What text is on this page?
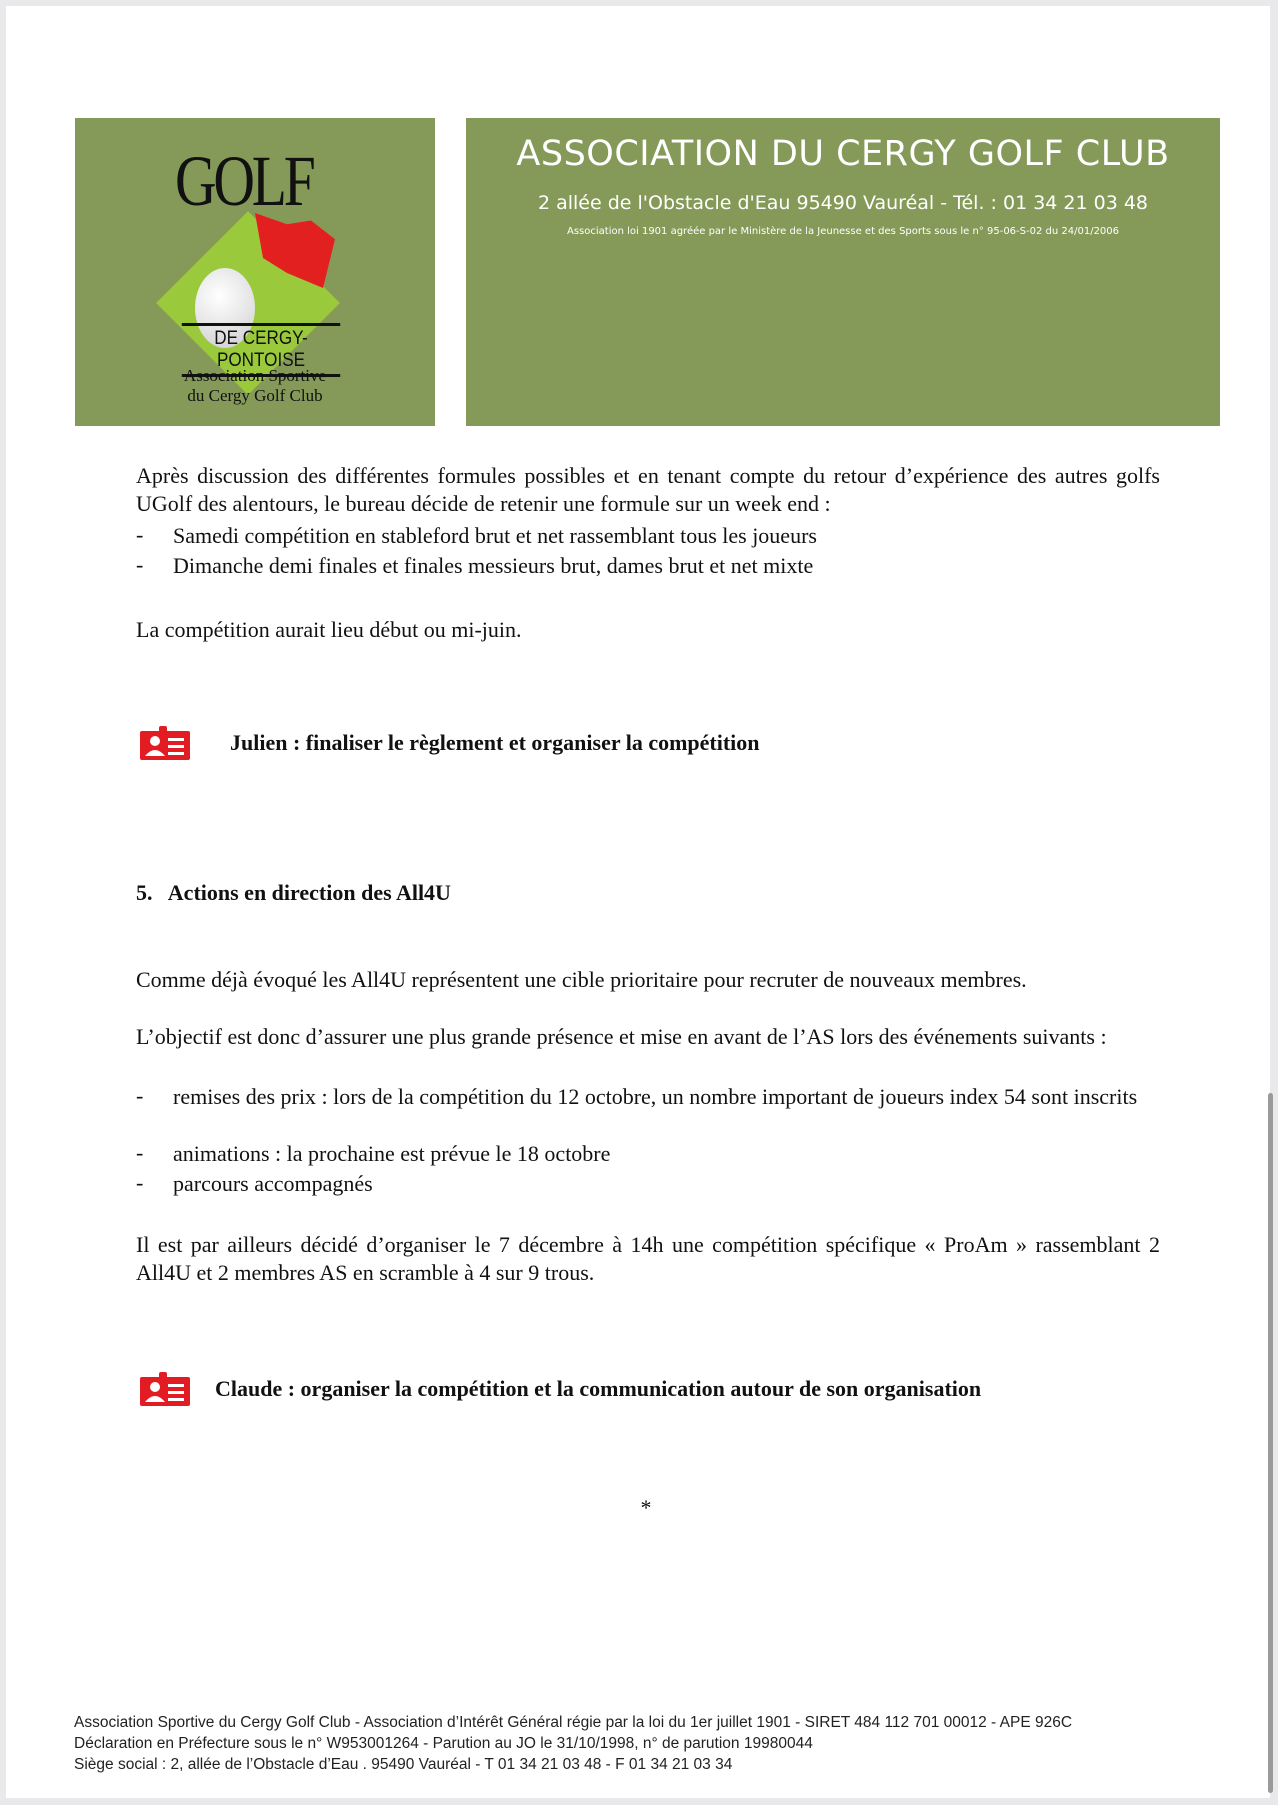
GOLF
DE CERGY-PONTOISE
Association Sportive
du Cergy Golf Club
ASSOCIATION DU CERGY GOLF CLUB
2 allée de l'Obstacle d'Eau 95490 Vauréal - Tél. : 01 34 21 03 48
Association loi 1901 agréée par le Ministère de la Jeunesse et des Sports sous le n° 95-06-S-02 du 24/01/2006
Après discussion des différentes formules possibles et en tenant compte du retour d’expérience des autres golfs UGolf des alentours, le bureau décide de retenir une formule sur un week end :
- Samedi compétition en stableford brut et net rassemblant tous les joueurs
- Dimanche demi finales et finales messieurs brut, dames brut et net mixte
La compétition aurait lieu début ou mi-juin.
Julien : finaliser le règlement et organiser la compétition
5.   Actions en direction des All4U
Comme déjà évoqué les All4U représentent une cible prioritaire pour recruter de nouveaux membres.
L’objectif est donc d’assurer une plus grande présence et mise en avant de l’AS lors des événements suivants :
- remises des prix : lors de la compétition du 12 octobre, un nombre important de joueurs index 54 sont inscrits
- animations : la prochaine est prévue le 18 octobre
- parcours accompagnés
Il est par ailleurs décidé d’organiser le 7 décembre à 14h une compétition spécifique « ProAm » rassemblant 2 All4U et 2 membres AS en scramble à 4 sur 9 trous.
Claude : organiser la compétition et la communication autour de son organisation
*
Association Sportive du Cergy Golf Club - Association d’Intérêt Général régie par la loi du 1er juillet 1901 - SIRET 484 112 701 00012 - APE 926C
Déclaration en Préfecture sous le n° W953001264 - Parution au JO le 31/10/1998, n° de parution 19980044
Siège social : 2, allée de l’Obstacle d’Eau . 95490 Vauréal - T 01 34 21 03 48 - F 01 34 21 03 34
